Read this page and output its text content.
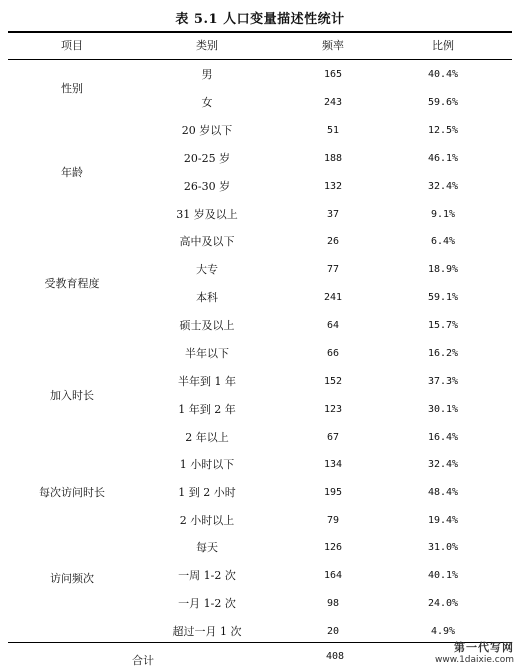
表 5.1 人口变量描述性统计
项目	类别	频率	比例
性别
男	165	40.4%
女	243	59.6%
年龄
20 岁以下	51	12.5%
20-25 岁	188	46.1%
26-30 岁	132	32.4%
31 岁及以上	37	9.1%
受教育程度
高中及以下	26	6.4%
大专	77	18.9%
本科	241	59.1%
硕士及以上	64	15.7%
加入时长
半年以下	66	16.2%
半年到 1 年	152	37.3%
1 年到 2 年	123	30.1%
2 年以上	67	16.4%
每次访问时长
1 小时以下	134	32.4%
1 到 2 小时	195	48.4%
2 小时以上	79	19.4%
访问频次
每天	126	31.0%
一周 1-2 次	164	40.1%
一月 1-2 次	98	24.0%
超过一月 1 次	20	4.9%
合计	408
第一代写网
www.1daixie.com
